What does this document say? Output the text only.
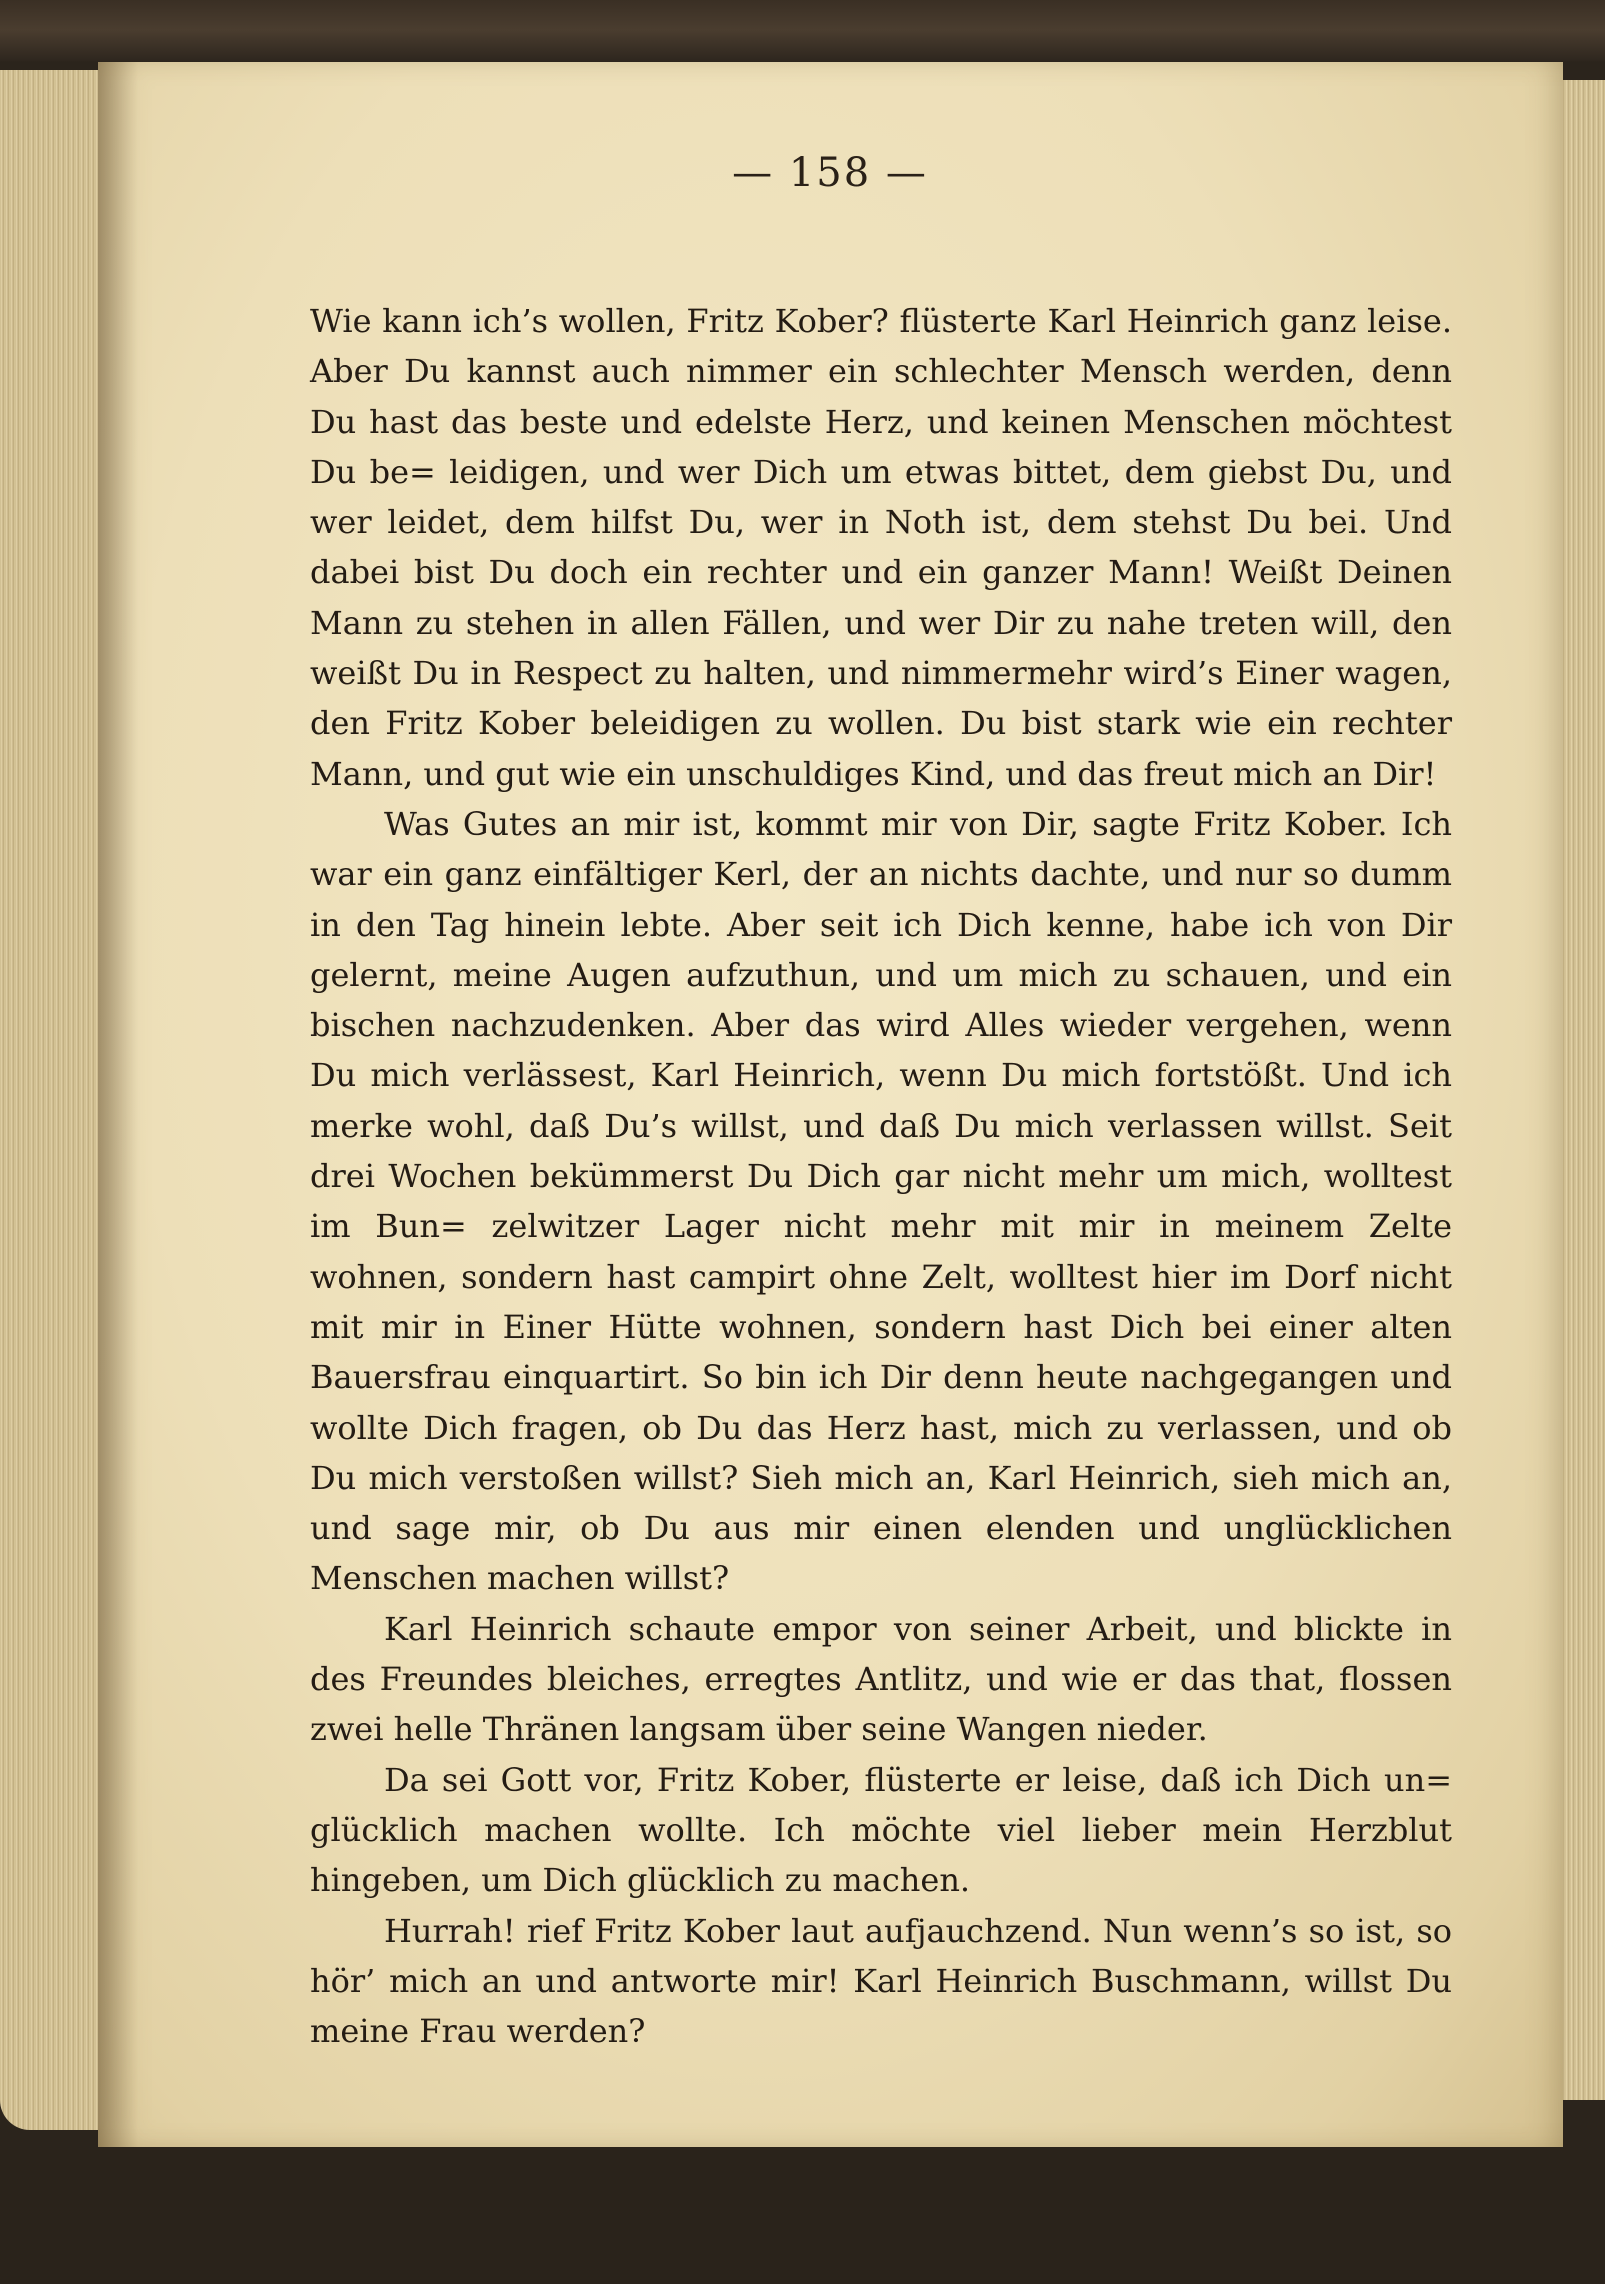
— 158 —

Wie kann ich’s wollen, Fritz Kober? flüsterte Karl Heinrich ganz leise. Aber Du kannst auch nimmer ein schlechter Mensch werden, denn Du hast das beste und edelste Herz, und keinen Menschen möchtest Du be= leidigen, und wer Dich um etwas bittet, dem giebst Du, und wer leidet, dem hilfst Du, wer in Noth ist, dem stehst Du bei. Und dabei bist Du doch ein rechter und ein ganzer Mann! Weißt Deinen Mann zu stehen in allen Fällen, und wer Dir zu nahe treten will, den weißt Du in Respect zu halten, und nimmermehr wird’s Einer wagen, den Fritz Kober beleidigen zu wollen. Du bist stark wie ein rechter Mann, und gut wie ein unschuldiges Kind, und das freut mich an Dir!

Was Gutes an mir ist, kommt mir von Dir, sagte Fritz Kober. Ich war ein ganz einfältiger Kerl, der an nichts dachte, und nur so dumm in den Tag hinein lebte. Aber seit ich Dich kenne, habe ich von Dir gelernt, meine Augen aufzuthun, und um mich zu schauen, und ein bischen nachzudenken. Aber das wird Alles wieder vergehen, wenn Du mich verlässest, Karl Heinrich, wenn Du mich fortstößt. Und ich merke wohl, daß Du’s willst, und daß Du mich verlassen willst. Seit drei Wochen bekümmerst Du Dich gar nicht mehr um mich, wolltest im Bun= zelwitzer Lager nicht mehr mit mir in meinem Zelte wohnen, sondern hast campirt ohne Zelt, wolltest hier im Dorf nicht mit mir in Einer Hütte wohnen, sondern hast Dich bei einer alten Bauersfrau einquartirt. So bin ich Dir denn heute nachgegangen und wollte Dich fragen, ob Du das Herz hast, mich zu verlassen, und ob Du mich verstoßen willst? Sieh mich an, Karl Heinrich, sieh mich an, und sage mir, ob Du aus mir einen elenden und unglücklichen Menschen machen willst?

Karl Heinrich schaute empor von seiner Arbeit, und blickte in des Freundes bleiches, erregtes Antlitz, und wie er das that, flossen zwei helle Thränen langsam über seine Wangen nieder.

Da sei Gott vor, Fritz Kober, flüsterte er leise, daß ich Dich un= glücklich machen wollte. Ich möchte viel lieber mein Herzblut hingeben, um Dich glücklich zu machen.

Hurrah! rief Fritz Kober laut aufjauchzend. Nun wenn’s so ist, so hör’ mich an und antworte mir! Karl Heinrich Buschmann, willst Du meine Frau werden?
